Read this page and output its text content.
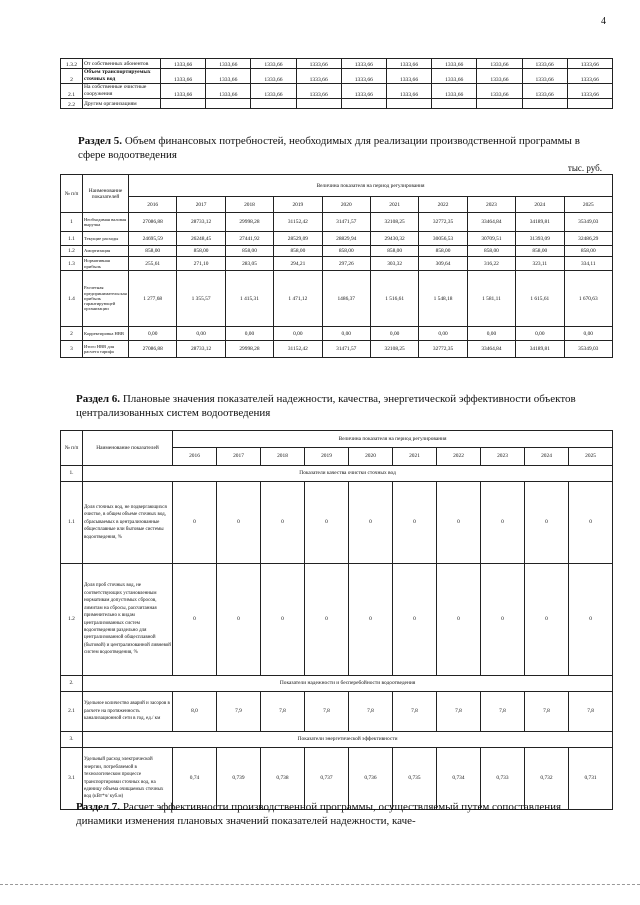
4
1.3.2	От собственных абонентов	1333,66	1333,66	1333,66	1333,66	1333,66	1333,66	1333,66	1333,66	1333,66	1333,66
2	Объем транспортируемых сточных вод	1333,66	1333,66	1333,66	1333,66	1333,66	1333,66	1333,66	1333,66	1333,66	1333,66
2.1	На собственные очистные сооружения	1333,66	1333,66	1333,66	1333,66	1333,66	1333,66	1333,66	1333,66	1333,66	1333,66
2.2	Другим организациям										
Раздел 5. Объем финансовых потребностей, необходимых для реализации производственной программы в сфере водоотведения
тыс. руб.
№ п/п	Наименование показателей	Величина показателя на период регулирования									
		2016	2017	2018	2019	2020	2021	2022	2023	2024	2025
1	Необходимая валовая выручка	27086,88	28733,12	29998,28	31152,42	31471,57	32108,25	32772,35	33464,84	34189,81	35349,03
1.1	Текущие расходы	24695,59	26248,45	27441,92	28529,09	28829,94	29430,32	30056,53	30709,51	31393,09	32486,29
1.2	Амортизация	858,00	858,00	858,00	858,00	858,00	858,00	858,00	858,00	858,00	858,00
1.3	Нормативная прибыль	255,61	271,10	283,05	294,21	297,26	303,32	309,64	316,22	323,11	334,11
1.4	Расчетная предпринимательская прибыль гарантирующей организации	1 277,68	1 355,57	1 415,31	1 471,12	1486,37	1 516,61	1 548,18	1 581,11	1 615,61	1 670,63
2	Корректировка НВВ	0,00	0,00	0,00	0,00	0,00	0,00	0,00	0,00	0,00	0,00
3	Итого НВВ для расчета тарифа	27086,88	28733,12	29998,28	31152,42	31471,57	32108,25	32772,35	33464,84	34189,81	35349,03
Раздел 6. Плановые значения показателей надежности, качества, энергетической эффективности объектов централизованных систем водоотведения
№ п/п	Наименование показателей	Величина показателя на период регулирования									
		2016	2017	2018	2019	2020	2021	2022	2023	2024	2025
1.	Показатели качества очистки сточных вод										
1.1	Доля сточных вод, не подвергающихся очистке, в общем объеме сточных вод, сбрасываемых в централизованные общесплавные или бытовые системы водоотведения, %	0	0	0	0	0	0	0	0	0	0
1.2	Доля проб сточных вод, не соответствующих установленным нормативам допустимых сбросов, лимитам на сбросы, рассчитанная применительно к видам централизованных систем водоотведения раздельно для централизованной общесплавной (бытовой) и централизованной ливневой систем водоотведения, %	0	0	0	0	0	0	0	0	0	0
2.	Показатели надежности и бесперебойности водоотведения										
2.1	Удельное количество аварий и засоров в расчете на протяженность канализационной сети в год, ед./ км	8,0	7,9	7,8	7,8	7,8	7,8	7,8	7,8	7,8	7,8
3.	Показатели энергетической эффективности										
3.1	Удельный расход электрической энергии, потребляемой в технологическом процессе транспортировки сточных вод, на единицу объема очищаемых сточных вод (кВт*ч/ куб.м)	0,74	0,739	0,738	0,737	0,736	0,735	0,734	0,733	0,732	0,731
Раздел 7. Расчет эффективности производственной программы, осуществляемый путем сопоставления динамики изменения плановых значений показателей надежности, каче-
